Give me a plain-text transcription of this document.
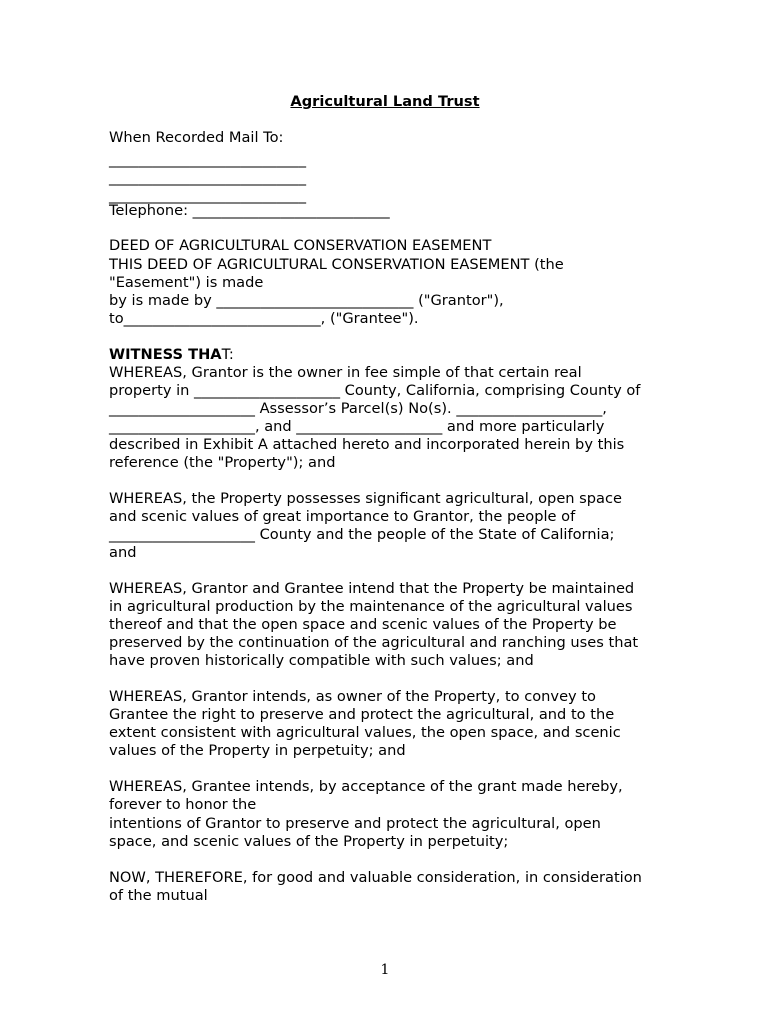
Agricultural Land Trust
When Recorded Mail To:
___________________________
___________________________
___________________________
Telephone: ___________________________
DEED OF AGRICULTURAL CONSERVATION EASEMENT
THIS DEED OF AGRICULTURAL CONSERVATION EASEMENT (the
"Easement") is made
by is made by ___________________________ ("Grantor"),
to___________________________, ("Grantee").
WITNESS THAT:
WHEREAS, Grantor is the owner in fee simple of that certain real
property in ____________________ County, California, comprising County of
____________________ Assessor’s Parcel(s) No(s). ____________________,
____________________, and ____________________ and more particularly
described in Exhibit A attached hereto and incorporated herein by this
reference (the "Property"); and
WHEREAS, the Property possesses significant agricultural, open space
and scenic values of great importance to Grantor, the people of
____________________ County and the people of the State of California;
and
WHEREAS, Grantor and Grantee intend that the Property be maintained
in agricultural production by the maintenance of the agricultural values
thereof and that the open space and scenic values of the Property be
preserved by the continuation of the agricultural and ranching uses that
have proven historically compatible with such values; and
WHEREAS, Grantor intends, as owner of the Property, to convey to
Grantee the right to preserve and protect the agricultural, and to the
extent consistent with agricultural values, the open space, and scenic
values of the Property in perpetuity; and
WHEREAS, Grantee intends, by acceptance of the grant made hereby,
forever to honor the
intentions of Grantor to preserve and protect the agricultural, open
space, and scenic values of the Property in perpetuity;
NOW, THEREFORE, for good and valuable consideration, in consideration
of the mutual
1
